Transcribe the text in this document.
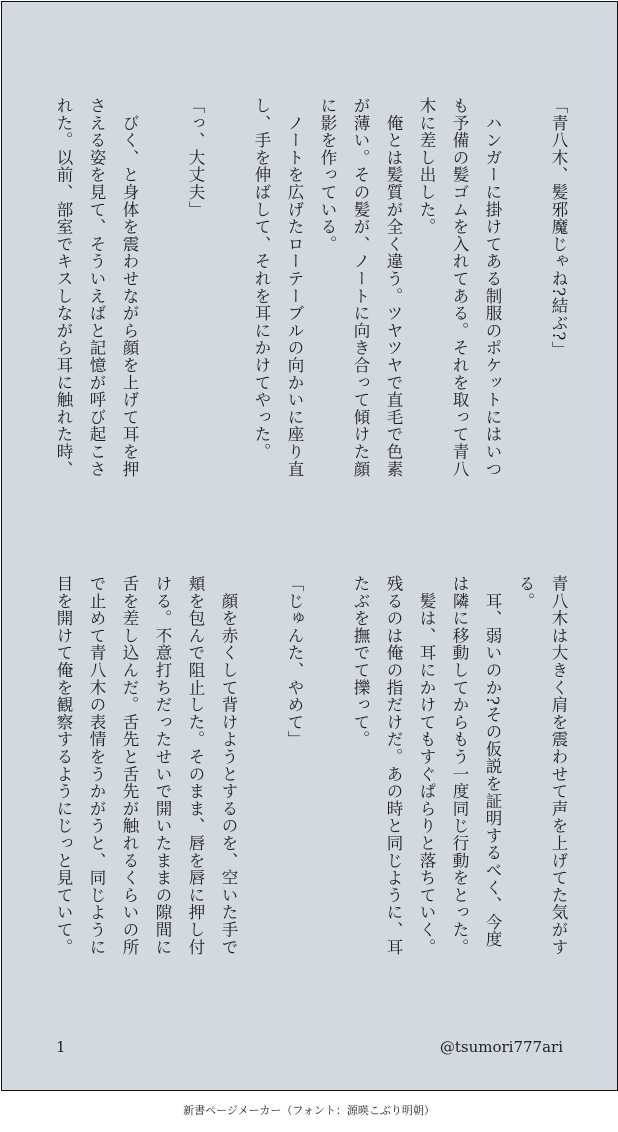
「青八木、髪邪魔じゃね?結ぶ?」

　ハンガーに掛けてある制服のポケットにはいつ
も予備の髪ゴムを入れてある。それを取って青八
木に差し出した。
　俺とは髪質が全く違う。ツヤツヤで直毛で色素
が薄い。その髪が、ノートに向き合って傾けた顔
に影を作っている。
　ノートを広げたローテーブルの向かいに座り直
し、手を伸ばして、それを耳にかけてやった。

「っ、大丈夫」

　びく、と身体を震わせながら顔を上げて耳を押
さえる姿を見て、そういえばと記憶が呼び起こさ
れた。以前、部室でキスしながら耳に触れた時、
青八木は大きく肩を震わせて声を上げてた気がす
る。
　耳、弱いのか?その仮説を証明するべく、今度
は隣に移動してからもう一度同じ行動をとった。
　髪は、耳にかけてもすぐぱらりと落ちていく。
残るのは俺の指だけだ。あの時と同じように、耳
たぶを撫でて擽って。

「じゅんた、やめて」

　顔を赤くして背けようとするのを、空いた手で
頬を包んで阻止した。そのまま、唇を唇に押し付
ける。不意打ちだったせいで開いたままの隙間に
舌を差し込んだ。舌先と舌先が触れるくらいの所
で止めて青八木の表情をうかがうと、同じように
目を開けて俺を観察するようにじっと見ていて。
1	@tsumori777ari
新書ページメーカー（フォント：源暎こぶり明朝）
